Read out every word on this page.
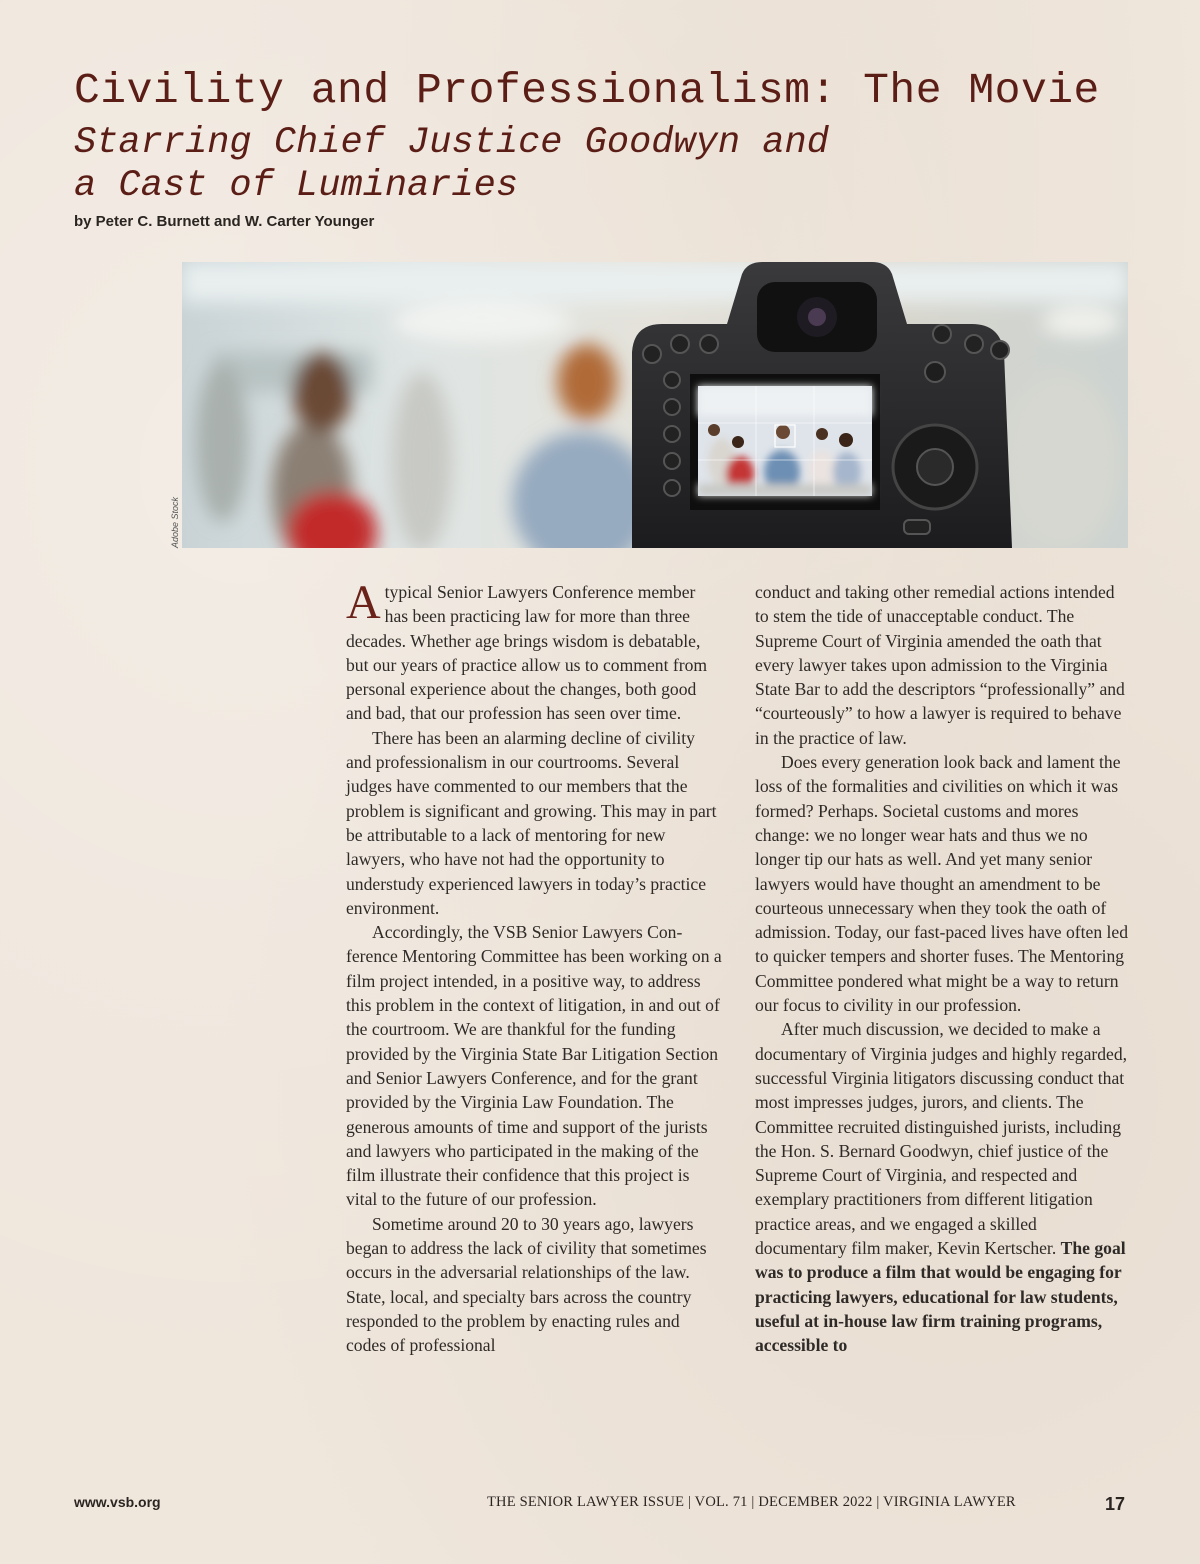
Civility and Professionalism: The Movie
Starring Chief Justice Goodwyn and
a Cast of Luminaries
by Peter C. Burnett and W. Carter Younger
Adobe Stock

Atypical Senior Lawyers Conference member has been practicing law for more than three decades. Whether age brings wisdom is debatable, but our years of practice allow us to comment from personal experience about the changes, both good and bad, that our profession has seen over time.

There has been an alarming decline of civility and professionalism in our courtrooms. Several judges have commented to our members that the problem is significant and growing. This may in part be attributable to a lack of mentoring for new lawyers, who have not had the opportunity to understudy experienced lawyers in today’s practice environment.

Accordingly, the VSB Senior Lawyers Conference Mentoring Committee has been working on a film project intended, in a positive way, to address this problem in the context of litigation, in and out of the courtroom. We are thankful for the funding provided by the Virginia State Bar Litigation Section and Senior Lawyers Conference, and for the grant provided by the Virginia Law Foundation. The generous amounts of time and support of the jurists and lawyers who participated in the making of the film illustrate their confidence that this project is vital to the future of our profession.

Sometime around 20 to 30 years ago, lawyers began to address the lack of civility that sometimes occurs in the adversarial relationships of the law. State, local, and specialty bars across the country responded to the problem by enacting rules and codes of professional

conduct and taking other remedial actions intended to stem the tide of unacceptable conduct. The Supreme Court of Virginia amended the oath that every lawyer takes upon admission to the Virginia State Bar to add the descriptors “professionally” and “courteously” to how a lawyer is required to behave in the practice of law.

Does every generation look back and lament the loss of the formalities and civilities on which it was formed? Perhaps. Societal customs and mores change: we no longer wear hats and thus we no longer tip our hats as well. And yet many senior lawyers would have thought an amendment to be courteous unnecessary when they took the oath of admission. Today, our fast-paced lives have often led to quicker tempers and shorter fuses. The Mentoring Committee pondered what might be a way to return our focus to civility in our profession.

After much discussion, we decided to make a documentary of Virginia judges and highly regarded, successful Virginia litigators discussing conduct that most impresses judges, jurors, and clients. The Committee recruited distinguished jurists, including the Hon. S. Bernard Goodwyn, chief justice of the Supreme Court of Virginia, and respected and exemplary practitioners from different litigation practice areas, and we engaged a skilled documentary film maker, Kevin Kertscher. The goal was to produce a film that would be engaging for practicing lawyers, educational for law students, useful at in-house law firm training programs, accessible to

www.vsb.org	THE SENIOR LAWYER ISSUE | VOL. 71 | DECEMBER 2022 | VIRGINIA LAWYER	17
